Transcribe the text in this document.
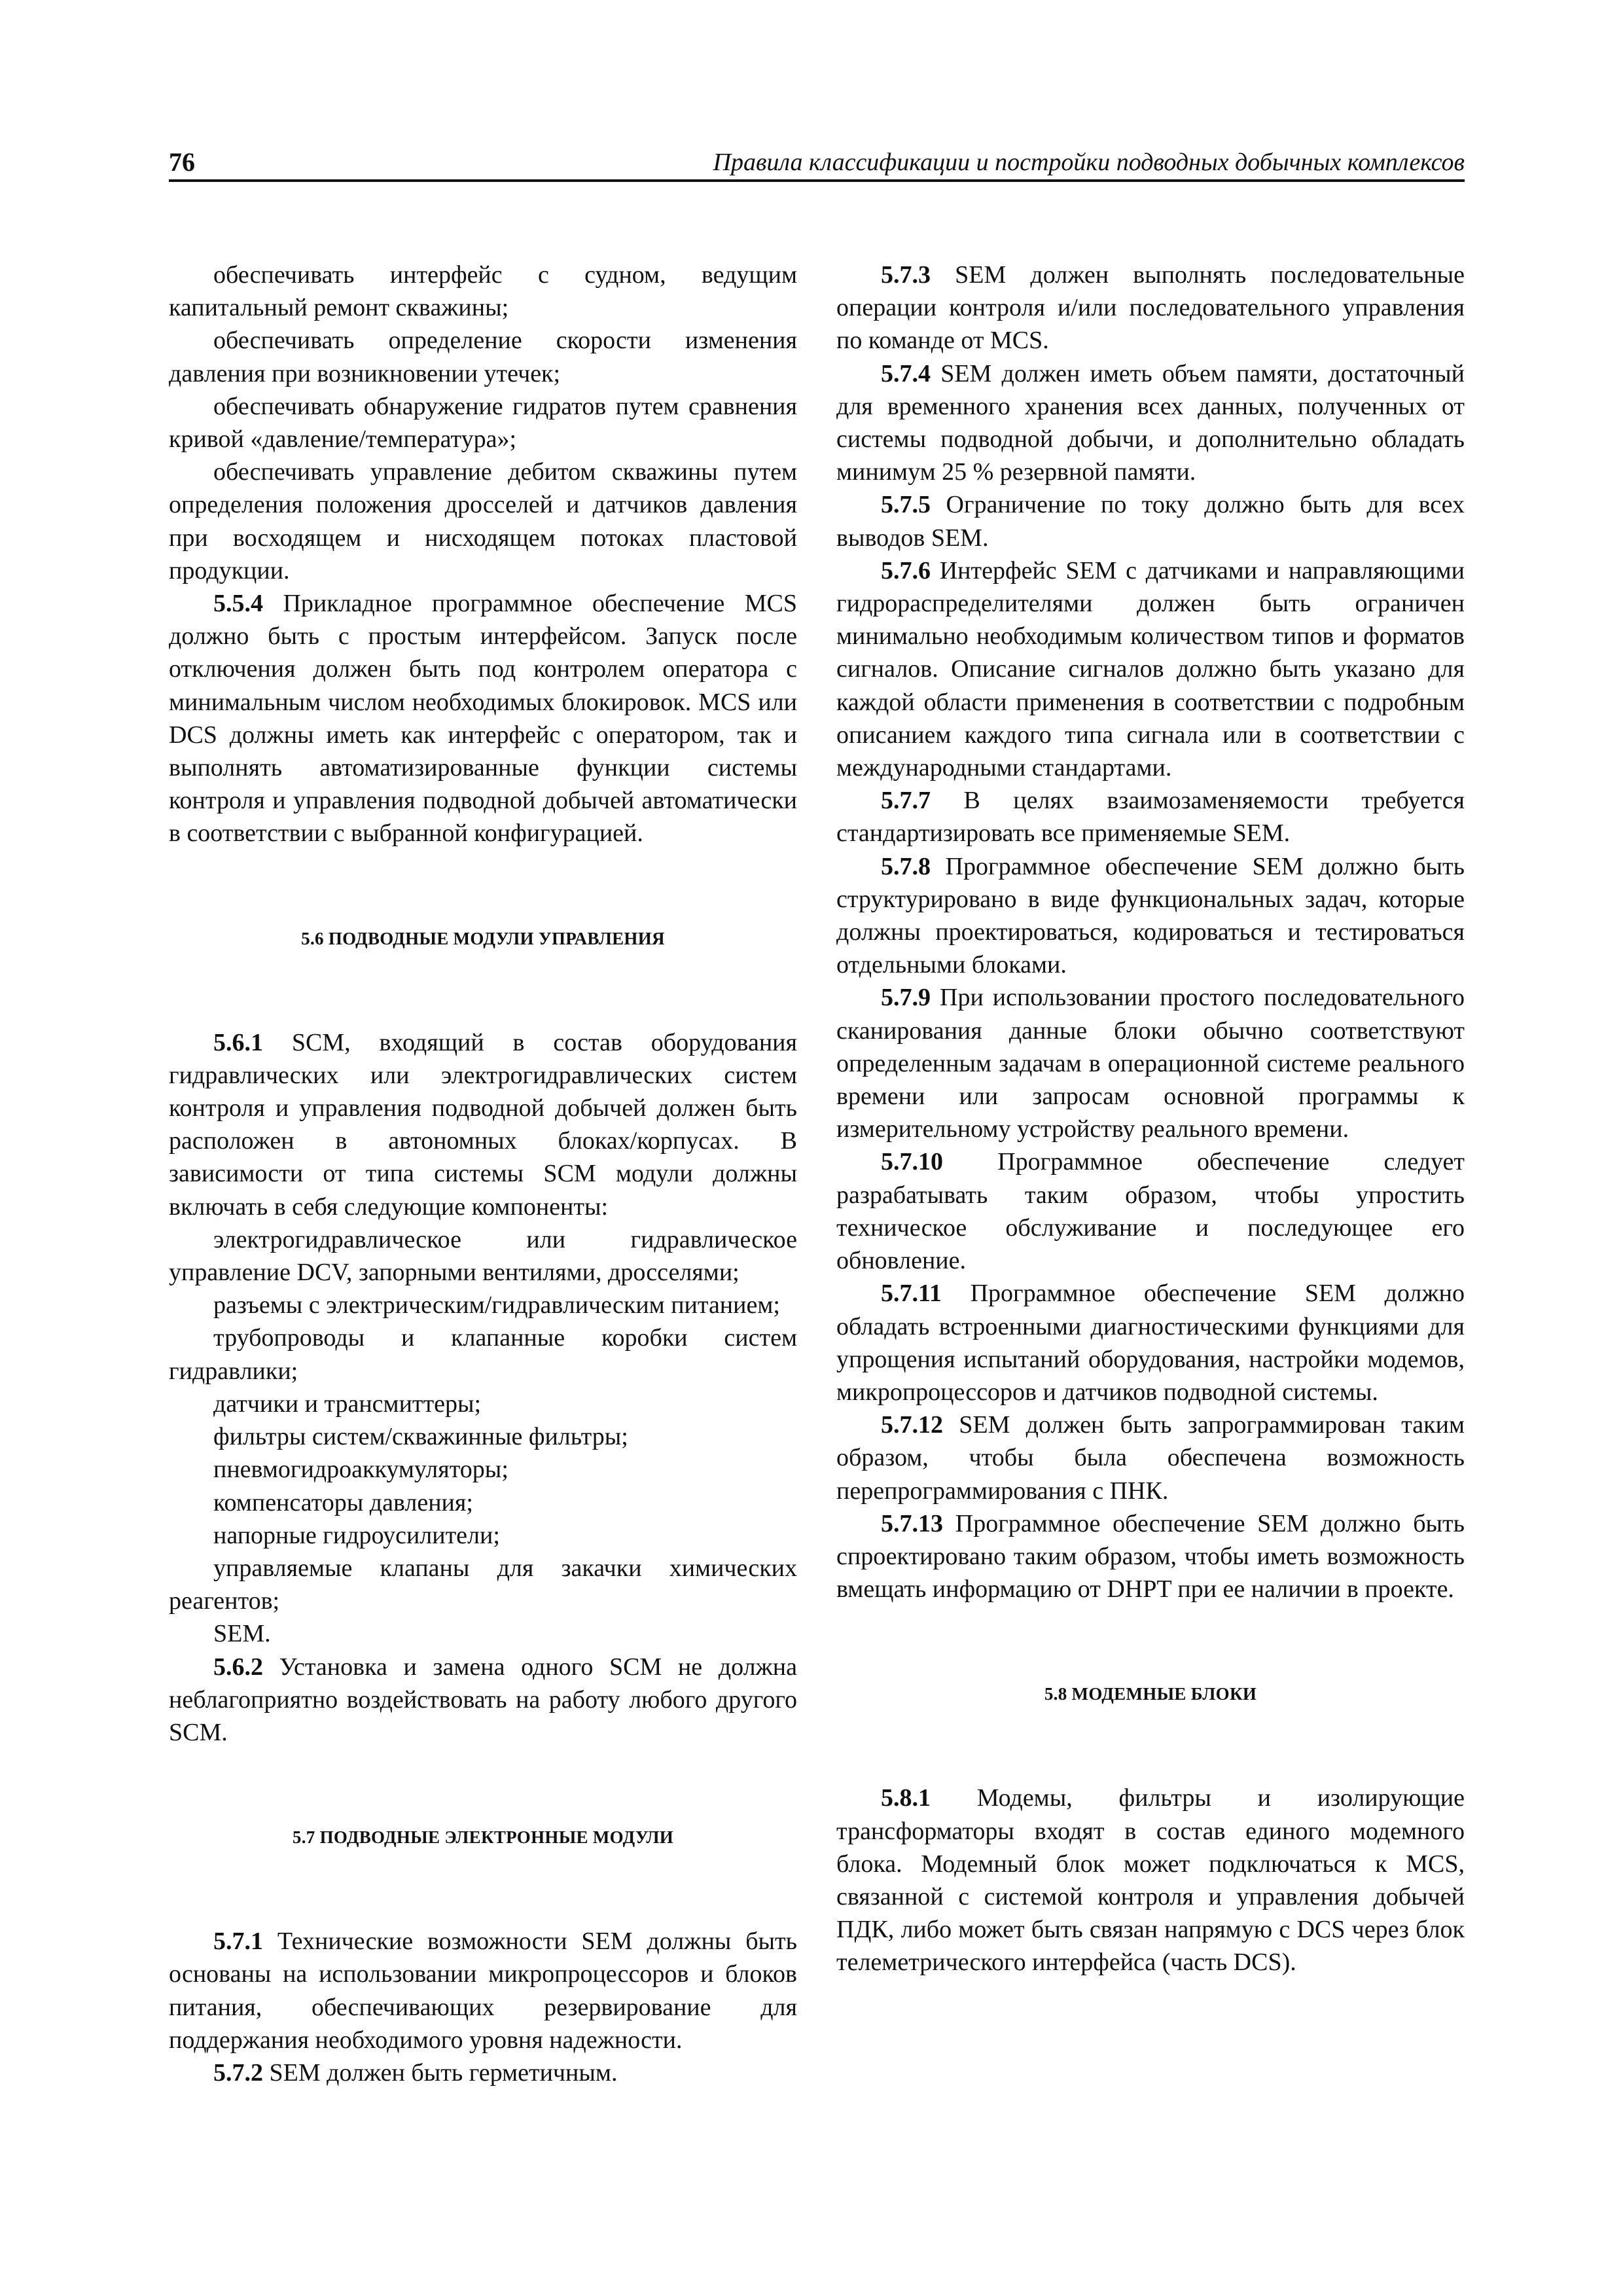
76	Правила классификации и постройки подводных добычных комплексов

обеспечивать интерфейс с судном, ведущим капитальный ремонт скважины;

обеспечивать определение скорости изменения давления при возникновении утечек;

обеспечивать обнаружение гидратов путем сравнения кривой «давление/температура»;

обеспечивать управление дебитом скважины путем определения положения дросселей и датчиков давления при восходящем и нисходящем потоках пластовой продукции.

5.5.4 Прикладное программное обеспечение MCS должно быть с простым интерфейсом. Запуск после отключения должен быть под контролем оператора с минимальным числом необходимых блокировок. MCS или DCS должны иметь как интерфейс с оператором, так и выполнять автоматизированные функции системы контроля и управления подводной добычей автоматически в соответствии с выбранной конфигурацией.

5.6 ПОДВОДНЫЕ МОДУЛИ УПРАВЛЕНИЯ

5.6.1 SCM, входящий в состав оборудования гидравлических или электрогидравлических систем контроля и управления подводной добычей должен быть расположен в автономных блоках/корпусах. В зависимости от типа системы SCM модули должны включать в себя следующие компоненты:

электрогидравлическое или гидравлическое управление DCV, запорными вентилями, дросселями;

разъемы с электрическим/гидравлическим питанием;

трубопроводы и клапанные коробки систем гидравлики;

датчики и трансмиттеры;

фильтры систем/скважинные фильтры;

пневмогидроаккумуляторы;

компенсаторы давления;

напорные гидроусилители;

управляемые клапаны для закачки химических реагентов;

SEM.

5.6.2 Установка и замена одного SCM не должна неблагоприятно воздействовать на работу любого другого SCM.

5.7 ПОДВОДНЫЕ ЭЛЕКТРОННЫЕ МОДУЛИ

5.7.1 Технические возможности SEM должны быть основаны на использовании микропроцессоров и блоков питания, обеспечивающих резервирование для поддержания необходимого уровня надежности.

5.7.2 SEM должен быть герметичным.

5.7.3 SEM должен выполнять последовательные операции контроля и/или последовательного управления по команде от MCS.

5.7.4 SEM должен иметь объем памяти, достаточный для временного хранения всех данных, полученных от системы подводной добычи, и дополнительно обладать минимум 25 % резервной памяти.

5.7.5 Ограничение по току должно быть для всех выводов SEM.

5.7.6 Интерфейс SEM с датчиками и направляющими гидрораспределителями должен быть ограничен минимально необходимым количеством типов и форматов сигналов. Описание сигналов должно быть указано для каждой области применения в соответствии с подробным описанием каждого типа сигнала или в соответствии с международными стандартами.

5.7.7 В целях взаимозаменяемости требуется стандартизировать все применяемые SEM.

5.7.8 Программное обеспечение SEM должно быть структурировано в виде функциональных задач, которые должны проектироваться, кодироваться и тестироваться отдельными блоками.

5.7.9 При использовании простого последовательного сканирования данные блоки обычно соответствуют определенным задачам в операционной системе реального времени или запросам основной программы к измерительному устройству реального времени.

5.7.10 Программное обеспечение следует разрабатывать таким образом, чтобы упростить техническое обслуживание и последующее его обновление.

5.7.11 Программное обеспечение SEM должно обладать встроенными диагностическими функциями для упрощения испытаний оборудования, настройки модемов, микропроцессоров и датчиков подводной системы.

5.7.12 SEM должен быть запрограммирован таким образом, чтобы была обеспечена возможность перепрограммирования с ПНК.

5.7.13 Программное обеспечение SEM должно быть спроектировано таким образом, чтобы иметь возможность вмещать информацию от DHPT при ее наличии в проекте.

5.8 МОДЕМНЫЕ БЛОКИ

5.8.1 Модемы, фильтры и изолирующие трансформаторы входят в состав единого модемного блока. Модемный блок может подключаться к MCS, связанной с системой контроля и управления добычей ПДК, либо может быть связан напрямую с DCS через блок телеметрического интерфейса (часть DCS).
